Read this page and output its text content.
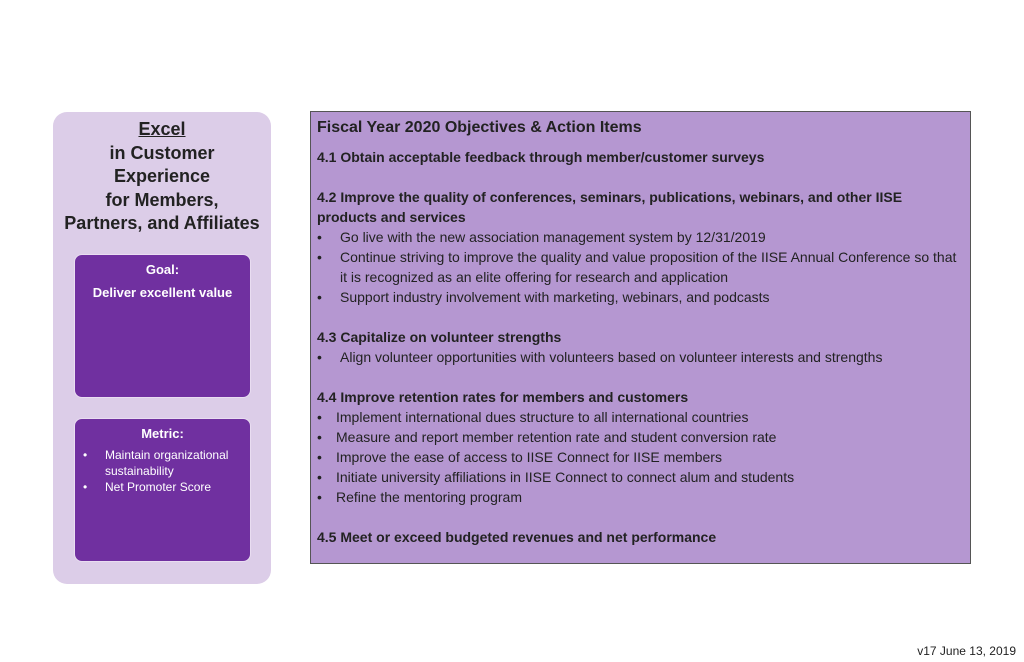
Excel
in Customer
Experience
for Members,
Partners, and Affiliates
Goal:
Deliver excellent value
Metric:
• Maintain organizational sustainability
• Net Promoter Score
Fiscal Year 2020 Objectives & Action Items
4.1 Obtain acceptable feedback through member/customer surveys
4.2 Improve the quality of conferences, seminars, publications, webinars, and other IISE products and services
• Go live with the new association management system by 12/31/2019
• Continue striving to improve the quality and value proposition of the IISE Annual Conference so that it is recognized as an elite offering for research and application
• Support industry involvement with marketing, webinars, and podcasts
4.3 Capitalize on volunteer strengths
• Align volunteer opportunities with volunteers based on volunteer interests and strengths
4.4 Improve retention rates for members and customers
• Implement international dues structure to all international countries
• Measure and report member retention rate and student conversion rate
• Improve the ease of access to IISE Connect for IISE members
• Initiate university affiliations in IISE Connect to connect alum and students
• Refine the mentoring program
4.5 Meet or exceed budgeted revenues and net performance
v17 June 13, 2019
